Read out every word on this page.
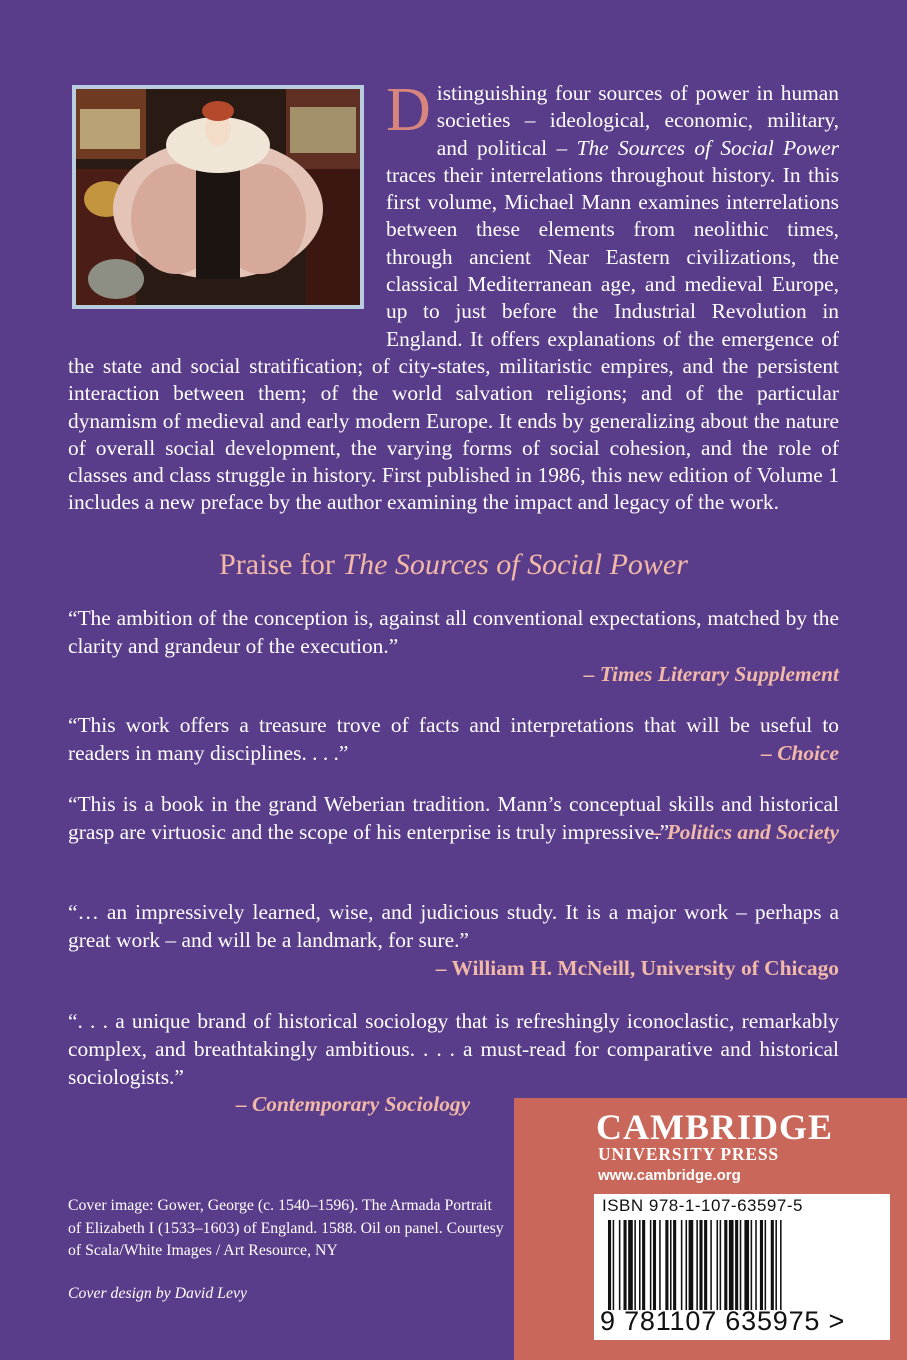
Distinguishing four sources of power in human societies – ideological, economic, military, and political – The Sources of Social Power traces their interrelations throughout history. In this first volume, Michael Mann examines interrelations between these elements from neolithic times, through ancient Near Eastern civilizations, the classical Mediterranean age, and medieval Europe, up to just before the Industrial Revolution in England. It offers explanations of the emergence of the state and social stratification; of city-states, militaristic empires, and the persistent interaction between them; of the world salvation religions; and of the particular dynamism of medieval and early modern Europe. It ends by generalizing about the nature of overall social development, the varying forms of social cohesion, and the role of classes and class struggle in history. First published in 1986, this new edition of Volume 1 includes a new preface by the author examining the impact and legacy of the work.
Praise for The Sources of Social Power
“The ambition of the conception is, against all conventional expectations, matched by the clarity and grandeur of the execution.”
– Times Literary Supplement
“This work offers a treasure trove of facts and interpretations that will be useful to readers in many disciplines. . . .”	– Choice
“This is a book in the grand Weberian tradition. Mann’s conceptual skills and historical grasp are virtuosic and the scope of his enterprise is truly impressive.”
– Politics and Society
“… an impressively learned, wise, and judicious study. It is a major work – perhaps a great work – and will be a landmark, for sure.”
– William H. McNeill, University of Chicago
“. . . a unique brand of historical sociology that is refreshingly iconoclastic, remarkably complex, and breathtakingly ambitious. . . . a must-read for comparative and historical sociologists.”
– Contemporary Sociology
Cover image: Gower, George (c. 1540–1596). The Armada Portrait of Elizabeth I (1533–1603) of England. 1588. Oil on panel. Courtesy of Scala/White Images / Art Resource, NY
Cover design by David Levy
CAMBRIDGE
UNIVERSITY PRESS
www.cambridge.org
ISBN 978-1-107-63597-5
9 781107 635975 >
